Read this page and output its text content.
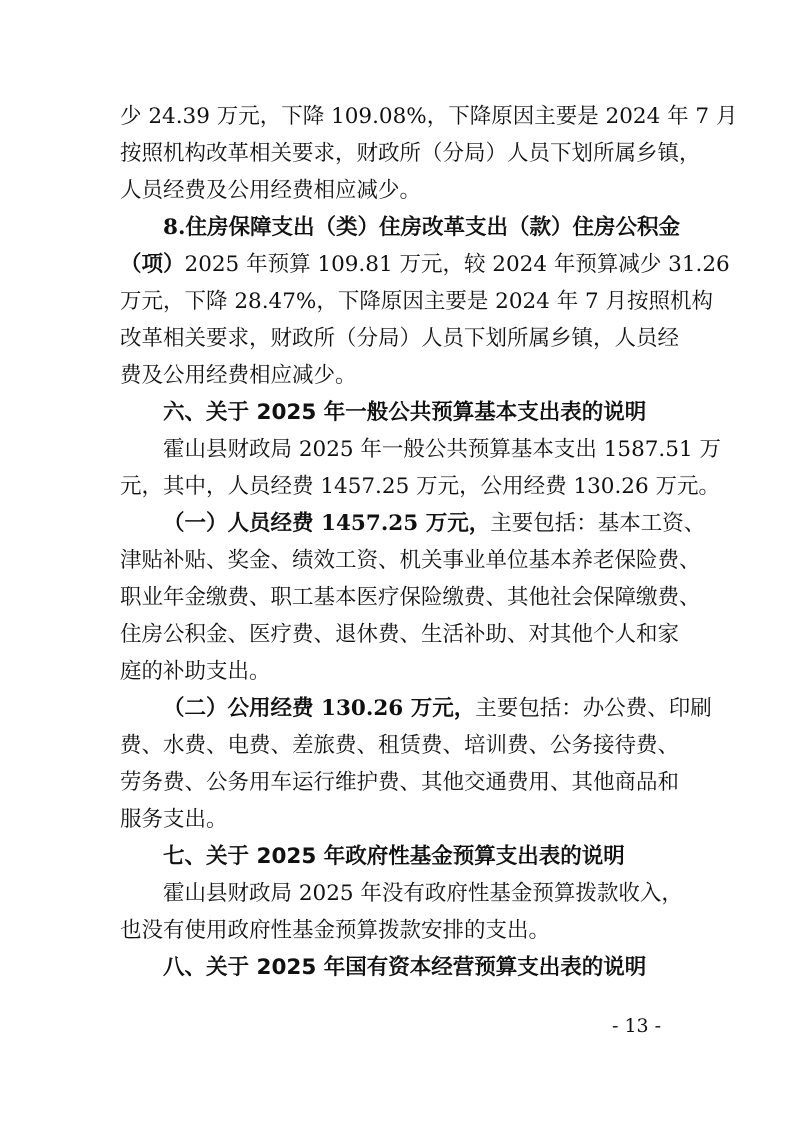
少 24.39 万元，下降 109.08%，下降原因主要是 2024 年 7 月
按照机构改革相关要求，财政所（分局）人员下划所属乡镇，
人员经费及公用经费相应减少。
8.住房保障支出（类）住房改革支出（款）住房公积金
（项）2025 年预算 109.81 万元，较 2024 年预算减少 31.26
万元，下降 28.47%，下降原因主要是 2024 年 7 月按照机构
改革相关要求，财政所（分局）人员下划所属乡镇，人员经
费及公用经费相应减少。
六、关于 2025 年一般公共预算基本支出表的说明
霍山县财政局 2025 年一般公共预算基本支出 1587.51 万
元，其中，人员经费 1457.25 万元，公用经费 130.26 万元。
（一）人员经费 1457.25 万元，主要包括：基本工资、
津贴补贴、奖金、绩效工资、机关事业单位基本养老保险费、
职业年金缴费、职工基本医疗保险缴费、其他社会保障缴费、
住房公积金、医疗费、退休费、生活补助、对其他个人和家
庭的补助支出。
（二）公用经费 130.26 万元，主要包括：办公费、印刷
费、水费、电费、差旅费、租赁费、培训费、公务接待费、
劳务费、公务用车运行维护费、其他交通费用、其他商品和
服务支出。
七、关于 2025 年政府性基金预算支出表的说明
霍山县财政局 2025 年没有政府性基金预算拨款收入，
也没有使用政府性基金预算拨款安排的支出。
八、关于 2025 年国有资本经营预算支出表的说明
- 13 -
